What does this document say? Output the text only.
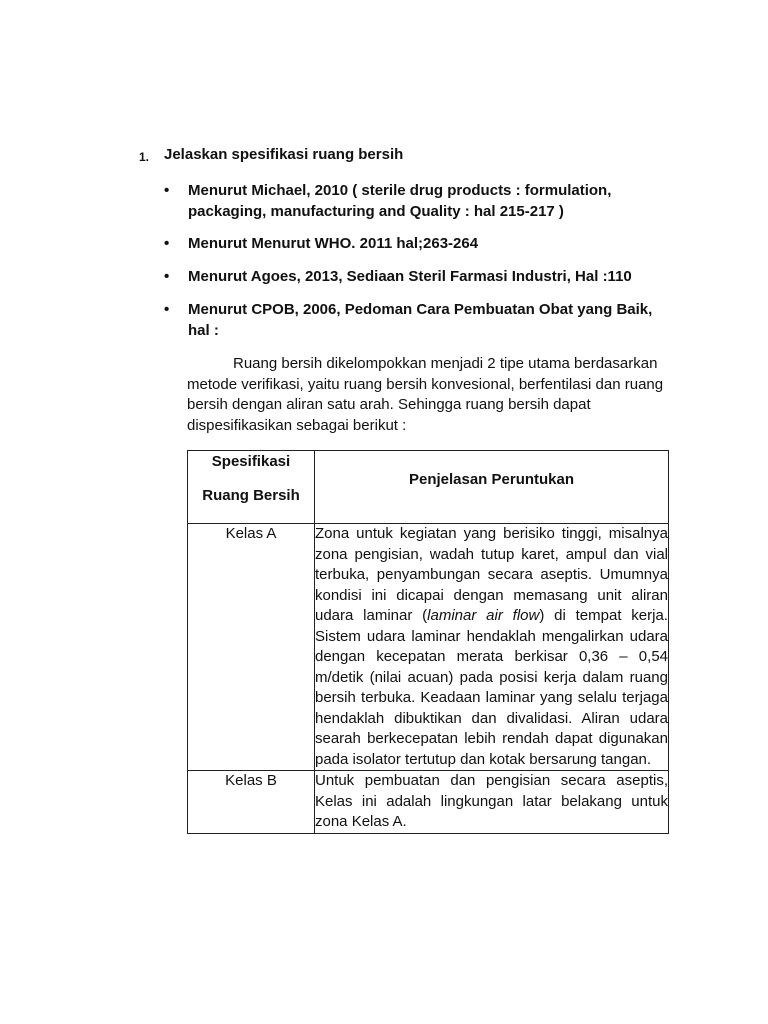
1. Jelaskan spesifikasi ruang bersih
• Menurut Michael, 2010 ( sterile drug products : formulation, packaging, manufacturing and Quality : hal 215-217 )
• Menurut Menurut WHO. 2011 hal;263-264
• Menurut Agoes, 2013, Sediaan Steril Farmasi Industri, Hal :110
• Menurut CPOB, 2006, Pedoman Cara Pembuatan Obat yang Baik, hal :

Ruang bersih dikelompokkan menjadi 2 tipe utama berdasarkan metode verifikasi, yaitu ruang bersih konvesional, berfentilasi dan ruang bersih dengan aliran satu arah. Sehingga ruang bersih dapat dispesifikasikan sebagai berikut :

Spesifikasi
Ruang Bersih	Penjelasan Peruntukan

Kelas A	Zona untuk kegiatan yang berisiko tinggi, misalnya zona pengisian, wadah tutup karet, ampul dan vial terbuka, penyambungan secara aseptis. Umumnya kondisi ini dicapai dengan memasang unit aliran udara laminar (laminar air flow) di tempat kerja. Sistem udara laminar hendaklah mengalirkan udara dengan kecepatan merata berkisar 0,36 – 0,54 m/detik (nilai acuan) pada posisi kerja dalam ruang bersih terbuka. Keadaan laminar yang selalu terjaga hendaklah dibuktikan dan divalidasi. Aliran udara searah berkecepatan lebih rendah dapat digunakan pada isolator tertutup dan kotak bersarung tangan.
Kelas B	Untuk pembuatan dan pengisian secara aseptis, Kelas ini adalah lingkungan latar belakang untuk zona Kelas A.
